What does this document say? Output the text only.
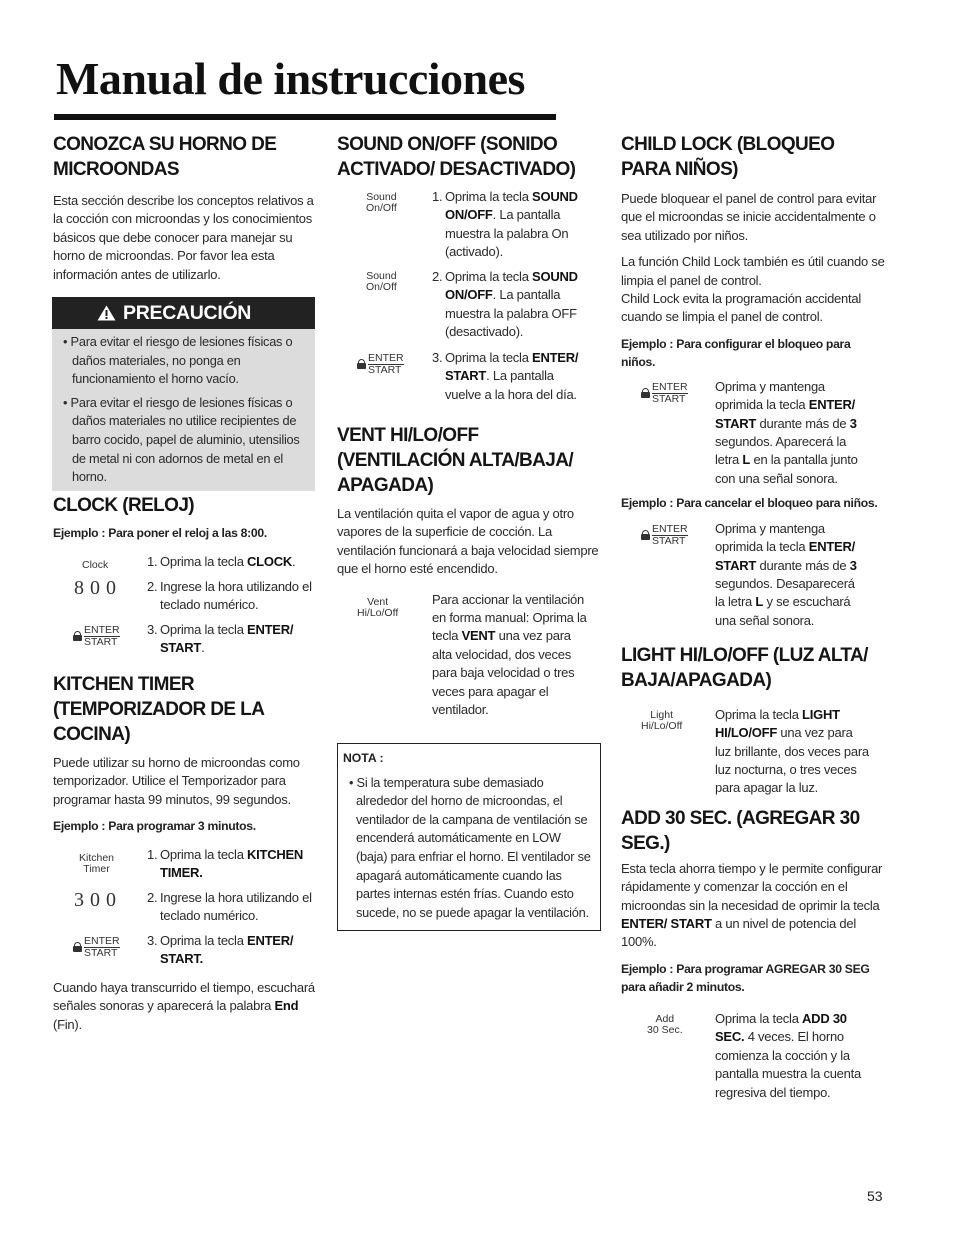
Manual de instrucciones
CONOZCA SU HORNO DE MICROONDAS

Esta sección describe los conceptos relativos a la cocción con microondas y los conocimientos básicos que debe conocer para manejar su horno de microondas. Por favor lea esta información antes de utilizarlo.

PRECAUCIÓN

• Para evitar el riesgo de lesiones físicas o daños materiales, no ponga en funcionamiento el horno vacío.

• Para evitar el riesgo de lesiones físicas o daños materiales no utilice recipientes de barro cocido, papel de aluminio, utensilios de metal ni con adornos de metal en el horno.

CLOCK (RELOJ)
Ejemplo : Para poner el reloj a las 8:00.
Clock
800
ENTER
START
1. Oprima la tecla CLOCK.
2. Ingrese la hora utilizando el teclado numérico.
3. Oprima la tecla ENTER/ START.
KITCHEN TIMER (TEMPORIZADOR DE LA COCINA)

Puede utilizar su horno de microondas como temporizador. Utilice el Temporizador para programar hasta 99 minutos, 99 segundos.

Ejemplo : Para programar 3 minutos.
Kitchen
Timer
300
ENTER
START
1. Oprima la tecla KITCHEN TIMER.
2. Ingrese la hora utilizando el teclado numérico.
3. Oprima la tecla ENTER/ START.

Cuando haya transcurrido el tiempo, escuchará señales sonoras y aparecerá la palabra End (Fin).

SOUND ON/OFF (SONIDO ACTIVADO/ DESACTIVADO)
Sound
On/Off
Sound
On/Off
ENTER
START
1. Oprima la tecla SOUND ON/OFF. La pantalla muestra la palabra On (activado).
2. Oprima la tecla SOUND ON/OFF. La pantalla muestra la palabra OFF (desactivado).
3. Oprima la tecla ENTER/ START. La pantalla vuelve a la hora del día.
VENT HI/LO/OFF (VENTILACIÓN ALTA/BAJA/ APAGADA)

La ventilación quita el vapor de agua y otro vapores de la superficie de cocción. La ventilación funcionará a baja velocidad siempre que el horno esté encendido.

Vent
Hi/Lo/Off
Para accionar la ventilación en forma manual: Oprima la tecla VENT una vez para alta velocidad, dos veces para baja velocidad o tres veces para apagar el ventilador.
NOTA :

• Si la temperatura sube demasiado alrededor del horno de microondas, el ventilador de la campana de ventilación se encenderá automáticamente en LOW (baja) para enfriar el horno. El ventilador se apagará automáticamente cuando las partes internas estén frías. Cuando esto sucede, no se puede apagar la ventilación.

CHILD LOCK (BLOQUEO PARA NIÑOS)

Puede bloquear el panel de control para evitar que el microondas se inicie accidentalmente o sea utilizado por niños.

La función Child Lock también es útil cuando se limpia el panel de control.

Child Lock evita la programación accidental cuando se limpia el panel de control.

Ejemplo : Para configurar el bloqueo para niños.
ENTER
START
Oprima y mantenga oprimida la tecla ENTER/ START durante más de 3 segundos. Aparecerá la letra L en la pantalla junto con una señal sonora.
Ejemplo : Para cancelar el bloqueo para niños.
ENTER
START
Oprima y mantenga oprimida la tecla ENTER/ START durante más de 3 segundos. Desaparecerá la letra L y se escuchará una señal sonora.
LIGHT HI/LO/OFF (LUZ ALTA/ BAJA/APAGADA)
Light
Hi/Lo/Off
Oprima la tecla LIGHT HI/LO/OFF una vez para luz brillante, dos veces para luz nocturna, o tres veces para apagar la luz.
ADD 30 SEC. (AGREGAR 30 SEG.)

Esta tecla ahorra tiempo y le permite configurar rápidamente y comenzar la cocción en el microondas sin la necesidad de oprimir la tecla ENTER/ START a un nivel de potencia del 100%.

Ejemplo : Para programar AGREGAR 30 SEG para añadir 2 minutos.
Add
30 Sec.
Oprima la tecla ADD 30 SEC. 4 veces. El horno comienza la cocción y la pantalla muestra la cuenta regresiva del tiempo.
53
